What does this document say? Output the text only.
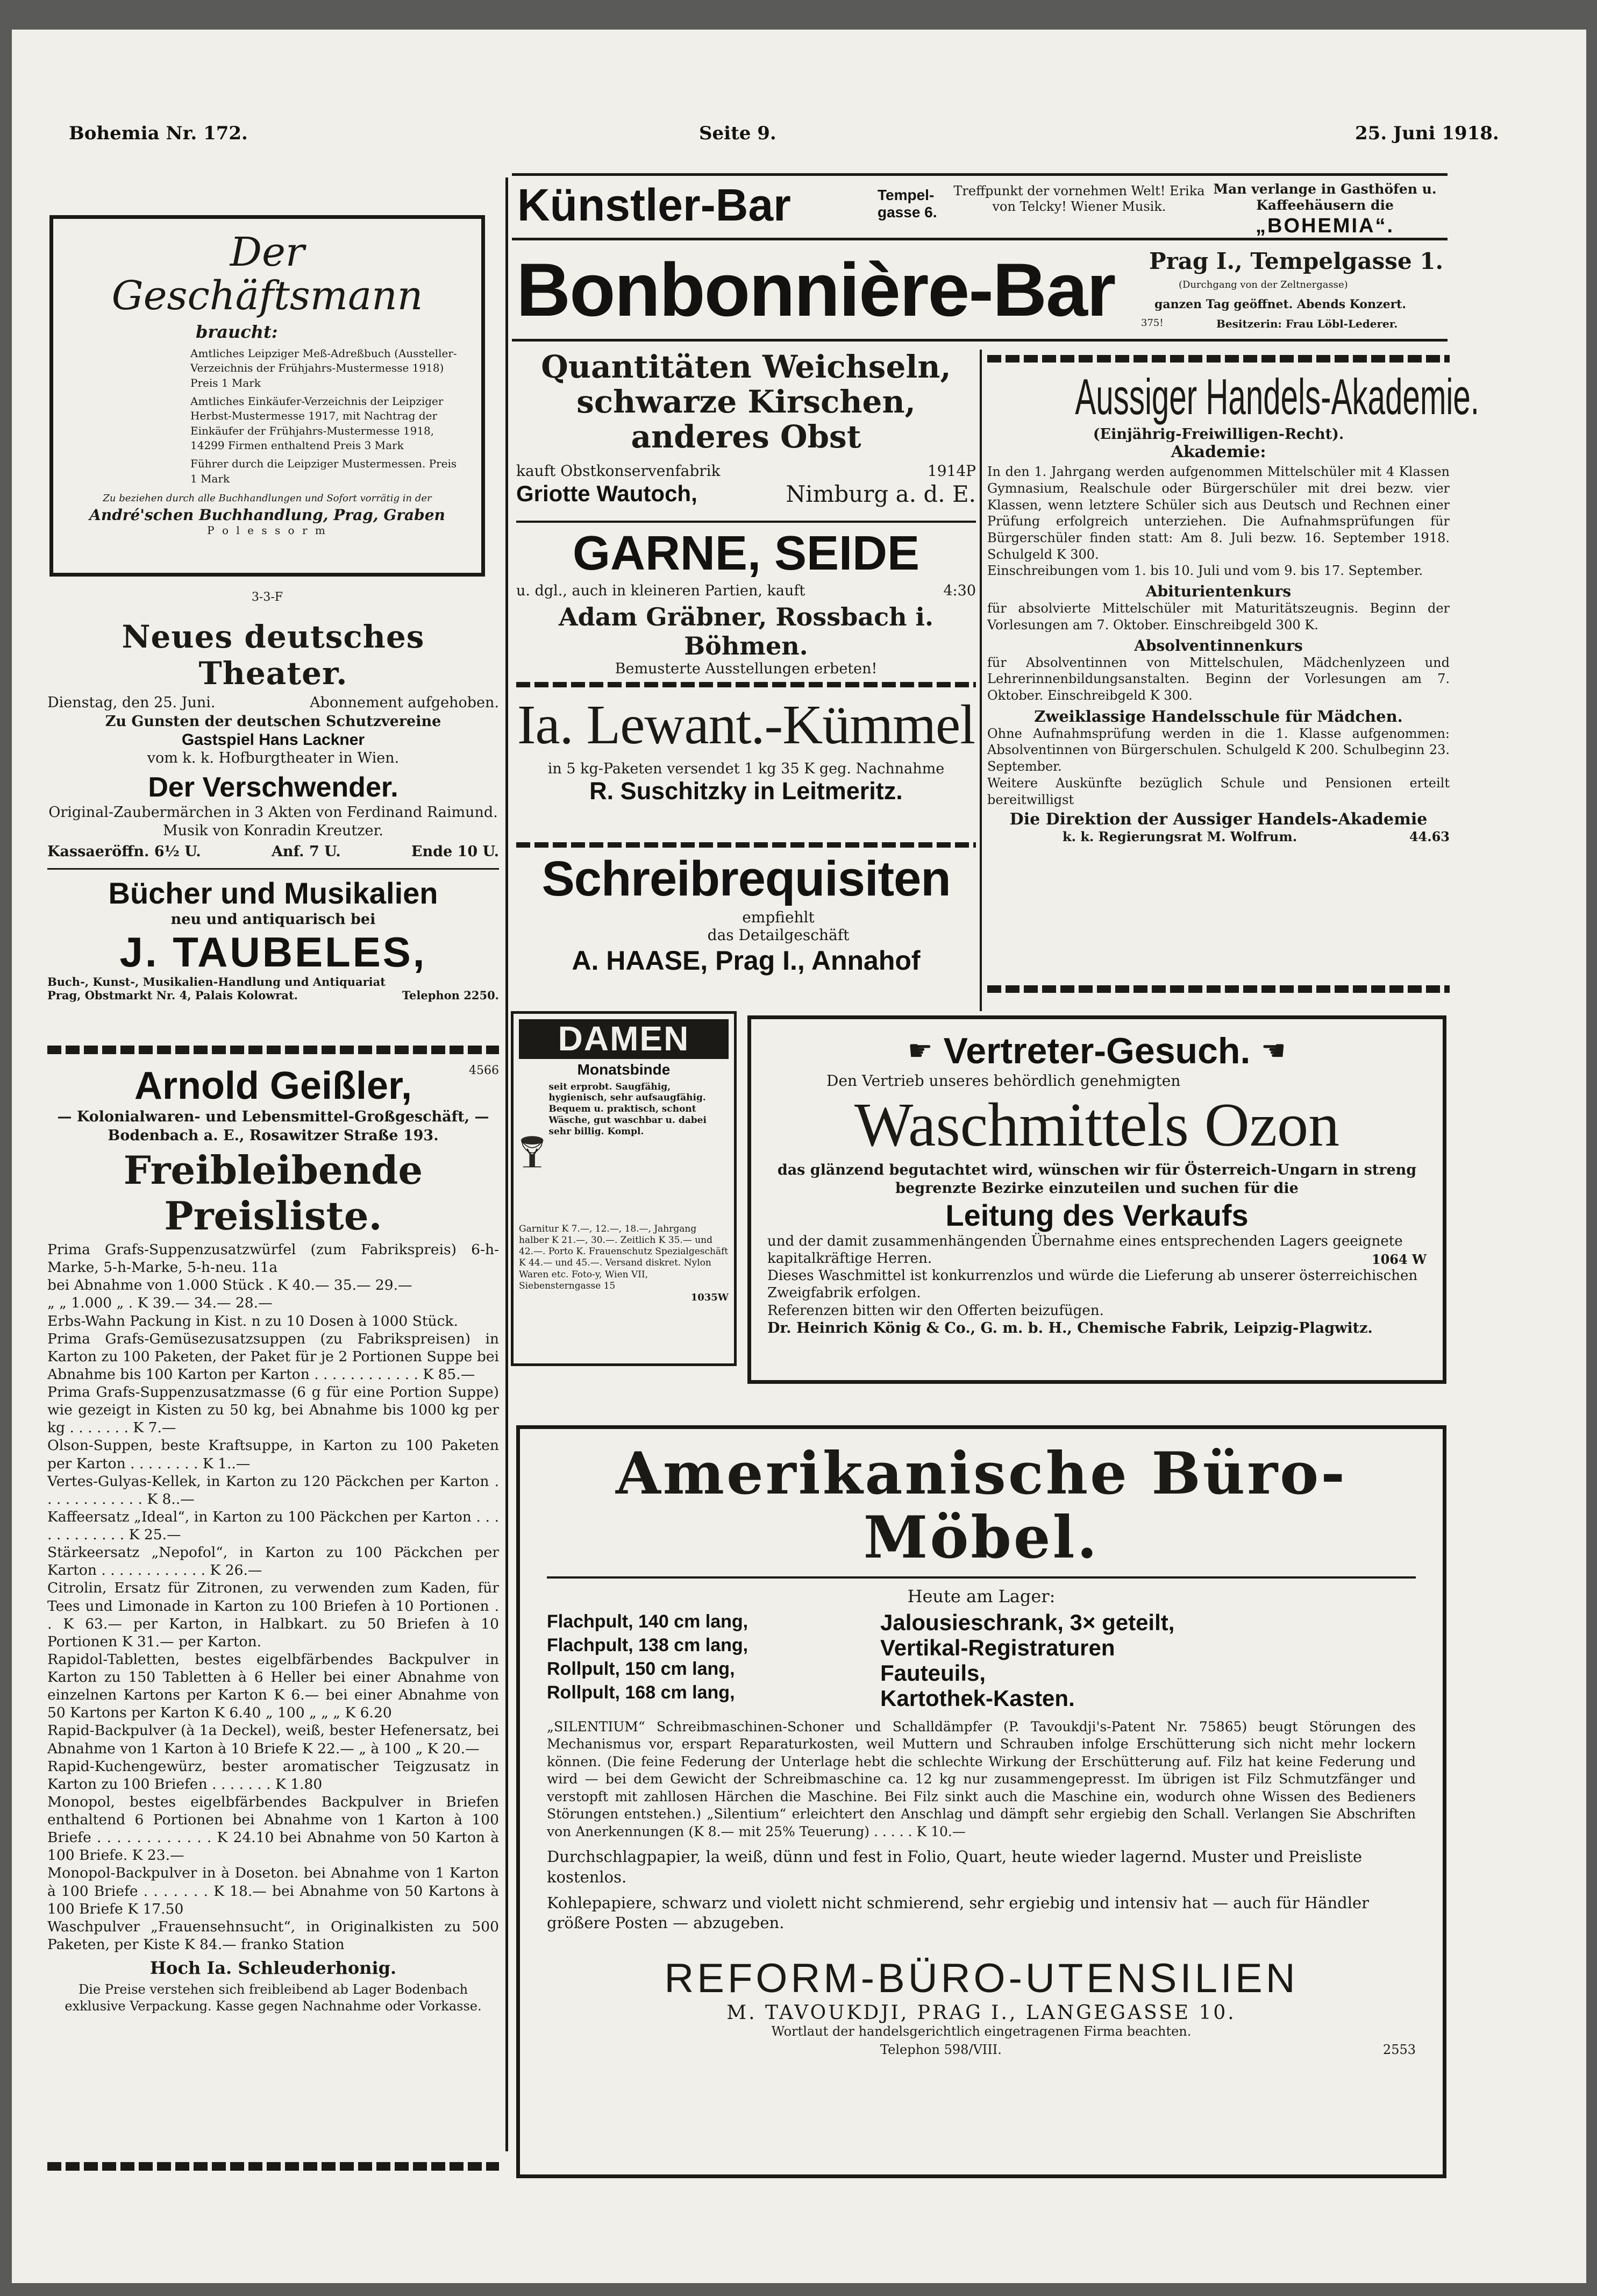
Bohemia Nr. 172.	Seite 9.	25. Juni 1918.
Der Geschäftsmann
braucht:
Amtliches Leipziger Meß-Adreßbuch (Aussteller-Verzeichnis der Frühjahrs-Mustermesse 1918) Preis 1 Mark
Amtliches Einkäufer-Verzeichnis der Leipziger Herbst-Mustermesse 1917, mit Nachtrag der Einkäufer der Frühjahrs-Mustermesse 1918, 14299 Firmen enthaltend Preis 3 Mark
Führer durch die Leipziger Mustermessen. Preis 1 Mark
Zu beziehen durch alle Buchhandlungen und Sofort vorrätig in der
André'schen Buchhandlung, Prag, Graben
P o l e s s o r m
3-3-F
Neues deutsches Theater.
Dienstag, den 25. Juni.	Abonnement aufgehoben.
Zu Gunsten der deutschen Schutzvereine
Gastspiel Hans Lackner
vom k. k. Hofburgtheater in Wien.
Der Verschwender.
Original-Zaubermärchen in 3 Akten von Ferdinand Raimund. Musik von Konradin Kreutzer.
Kassaeröffn. 6½ U.	Anf. 7 U.	Ende 10 U.
Bücher und Musikalien
neu und antiquarisch bei
J. TAUBELES,
Buch-, Kunst-, Musikalien-Handlung und Antiquariat
Prag, Obstmarkt Nr. 4, Palais Kolowrat.	Telephon 2250.
Arnold Geißler,	4566
— Kolonialwaren- und Lebensmittel-Großgeschäft, —
Bodenbach a. E., Rosawitzer Straße 193.
Freibleibende Preisliste.

Prima Grafs-Suppenzusatzwürfel (zum Fabrikspreis) 6-h-Marke, 5-h-Marke, 5-h-neu. 11a

bei Abnahme von 1.000 Stück . K 40.— 35.— 29.—

„ „ 1.000 „ . K 39.— 34.— 28.—

Erbs-Wahn Packung in Kist. n zu 10 Dosen à 1000 Stück.

Prima Grafs-Gemüsezusatzsuppen (zu Fabrikspreisen) in Karton zu 100 Paketen, der Paket für je 2 Portionen Suppe bei Abnahme bis 100 Karton per Karton . . . . . . . . . . . . K 85.—

Prima Grafs-Suppenzusatzmasse (6 g für eine Portion Suppe) wie gezeigt in Kisten zu 50 kg, bei Abnahme bis 1000 kg per kg . . . . . . . K 7.—

Olson-Suppen, beste Kraftsuppe, in Karton zu 100 Paketen per Karton . . . . . . . . K 1..—

Vertes-Gulyas-Kellek, in Karton zu 120 Päckchen per Karton . . . . . . . . . . . . K 8..—

Kaffeersatz „Ideal“, in Karton zu 100 Päckchen per Karton . . . . . . . . . . . . K 25.—

Stärkeersatz „Nepofol“, in Karton zu 100 Päckchen per Karton . . . . . . . . . . . . K 26.—

Citrolin, Ersatz für Zitronen, zu verwenden zum Kaden, für Tees und Limonade in Karton zu 100 Briefen à 10 Portionen . . K 63.— per Karton, in Halbkart. zu 50 Briefen à 10 Portionen K 31.— per Karton.

Rapidol-Tabletten, bestes eigelbfärbendes Backpulver in Karton zu 150 Tabletten à 6 Heller bei einer Abnahme von einzelnen Kartons per Karton K 6.— bei einer Abnahme von 50 Kartons per Karton K 6.40 „ 100 „ „ „ K 6.20

Rapid-Backpulver (à 1a Deckel), weiß, bester Hefenersatz, bei Abnahme von 1 Karton à 10 Briefe K 22.— „ à 100 „ K 20.—

Rapid-Kuchengewürz, bester aromatischer Teigzusatz in Karton zu 100 Briefen . . . . . . . K 1.80

Monopol, bestes eigelbfärbendes Backpulver in Briefen enthaltend 6 Portionen bei Abnahme von 1 Karton à 100 Briefe . . . . . . . . . . . . K 24.10 bei Abnahme von 50 Karton à 100 Briefe. K 23.—

Monopol-Backpulver in à Doseton. bei Abnahme von 1 Karton à 100 Briefe . . . . . . . K 18.— bei Abnahme von 50 Kartons à 100 Briefe K 17.50

Waschpulver „Frauensehnsucht“, in Originalkisten zu 500 Paketen, per Kiste K 84.— franko Station

Hoch Ia. Schleuderhonig.
Die Preise verstehen sich freibleibend ab Lager Bodenbach exklusive Verpackung. Kasse gegen Nachnahme oder Vorkasse.
Künstler-Bar	Tempel-
gasse 6.
Treffpunkt der vornehmen Welt! Erika von Telcky! Wiener Musik.
Man verlange in Gasthöfen u. Kaffeehäusern die
„BOHEMIA“.
Bonbonnière-Bar Prag I., Tempelgasse 1.
(Durchgang von der Zeltnergasse)
ganzen Tag geöffnet. Abends Konzert.
375!	Besitzerin: Frau Löbl-Lederer.
Quantitäten Weichseln,
schwarze Kirschen,
anderes Obst
kauft Obstkonservenfabrik	1914P
Griotte Wautoch,	Nimburg a. d. E.
GARNE, SEIDE
u. dgl., auch in kleineren Partien, kauft	4:30
Adam Gräbner, Rossbach i. Böhmen.
Bemusterte Ausstellungen erbeten!
Ia. Lewant.-Kümmel
in 5 kg-Paketen versendet 1 kg 35 K geg. Nachnahme
R. Suschitzky in Leitmeritz.
Schreibrequisiten
empfiehlt
das Detailgeschäft
A. HAASE, Prag I., Annahof
Aussiger Handels-Akademie.
(Einjährig-Freiwilligen-Recht).
Akademie:
In den 1. Jahrgang werden aufgenommen Mittelschüler mit 4 Klassen Gymnasium, Realschule oder Bürgerschüler mit drei bezw. vier Klassen, wenn letztere Schüler sich aus Deutsch und Rechnen einer Prüfung erfolgreich unterziehen. Die Aufnahmsprüfungen für Bürgerschüler finden statt: Am 8. Juli bezw. 16. September 1918. Schulgeld K 300.
Einschreibungen vom 1. bis 10. Juli und vom 9. bis 17. September.
Abiturientenkurs
für absolvierte Mittelschüler mit Maturitätszeugnis. Beginn der Vorlesungen am 7. Oktober. Einschreibgeld 300 K.
Absolventinnenkurs
für Absolventinnen von Mittelschulen, Mädchenlyzeen und Lehrerinnenbildungsanstalten. Beginn der Vorlesungen am 7. Oktober. Einschreibgeld K 300.
Zweiklassige Handelsschule für Mädchen.
Ohne Aufnahmsprüfung werden in die 1. Klasse aufgenommen: Absolventinnen von Bürgerschulen. Schulgeld K 200. Schulbeginn 23. September.
Weitere Auskünfte bezüglich Schule und Pensionen erteilt bereitwilligst
Die Direktion der Aussiger Handels-Akademie
k. k. Regierungsrat M. Wolfrum.	44.63
DAMEN
Monatsbinde
seit erprobt. Saugfähig, hygienisch, sehr aufsaugfähig. Bequem u. praktisch, schont Wäsche, gut waschbar u. dabei sehr billig. Kompl.
Garnitur K 7.—, 12.—, 18.—, Jahrgang halber K 21.—, 30.—. Zeitlich K 35.— und 42.—. Porto K. Frauenschutz Spezialgeschäft K 44.— und 45.—. Versand diskret. Nylon Waren etc. Foto-y, Wien VII, Siebensterngasse 15
1035W
☛ Vertreter-Gesuch. ☛
Den Vertrieb unseres behördlich genehmigten
Waschmittels Ozon
das glänzend begutachtet wird, wünschen wir für Österreich-Ungarn in streng begrenzte Bezirke einzuteilen und suchen für die
Leitung des Verkaufs
und der damit zusammenhängenden Übernahme eines entsprechenden Lagers geeignete kapitalkräftige Herren.	1064 W
Dieses Waschmittel ist konkurrenzlos und würde die Lieferung ab unserer österreichischen Zweigfabrik erfolgen.
Referenzen bitten wir den Offerten beizufügen.
Dr. Heinrich König & Co., G. m. b. H., Chemische Fabrik, Leipzig-Plagwitz.
Amerikanische Büro-Möbel.
Heute am Lager:
Flachpult, 140 cm lang,
Flachpult, 138 cm lang,
Rollpult, 150 cm lang,
Rollpult, 168 cm lang,
Jalousieschrank, 3× geteilt,
Vertikal-Registraturen
Fauteuils,
Kartothek-Kasten.
„SILENTIUM“ Schreibmaschinen-Schoner und Schalldämpfer (P. Tavoukdji's-Patent Nr. 75865) beugt Störungen des Mechanismus vor, erspart Reparaturkosten, weil Muttern und Schrauben infolge Erschütterung sich nicht mehr lockern können. (Die feine Federung der Unterlage hebt die schlechte Wirkung der Erschütterung auf. Filz hat keine Federung und wird — bei dem Gewicht der Schreibmaschine ca. 12 kg nur zusammengepresst. Im übrigen ist Filz Schmutzfänger und verstopft mit zahllosen Härchen die Maschine. Bei Filz sinkt auch die Maschine ein, wodurch ohne Wissen des Bedieners Störungen entstehen.) „Silentium“ erleichtert den Anschlag und dämpft sehr ergiebig den Schall. Verlangen Sie Abschriften von Anerkennungen (K 8.— mit 25% Teuerung) . . . . . K 10.—
Durchschlagpapier, la weiß, dünn und fest in Folio, Quart, heute wieder lagernd. Muster und Preisliste kostenlos.
Kohlepapiere, schwarz und violett nicht schmierend, sehr ergiebig und intensiv hat — auch für Händler größere Posten — abzugeben.
REFORM-BÜRO-UTENSILIEN
M. TAVOUKDJI, PRAG I., LANGEGASSE 10.
Wortlaut der handelsgerichtlich eingetragenen Firma beachten.
Telephon 598/VIII.	2553
